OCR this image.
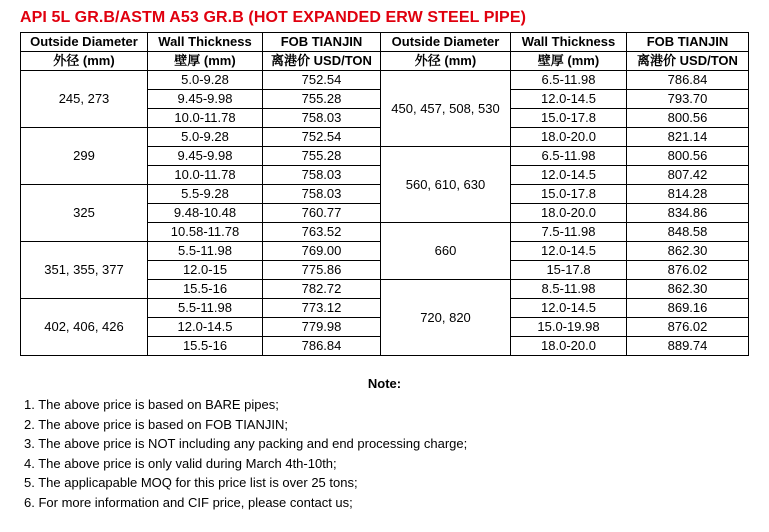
API 5L GR.B/ASTM A53 GR.B (HOT EXPANDED ERW STEEL PIPE)
Outside Diameter	Wall Thickness	FOB TIANJIN	Outside Diameter	Wall Thickness	FOB TIANJIN
外径 (mm)	壁厚 (mm)	离港价 USD/TON	外径 (mm)	壁厚 (mm)	离港价 USD/TON
245, 273	5.0-9.28	752.54	450, 457, 508, 530	6.5-11.98	786.84
	9.45-9.98	755.28		12.0-14.5	793.70
	10.0-11.78	758.03		15.0-17.8	800.56
299	5.0-9.28	752.54		18.0-20.0	821.14
	9.45-9.98	755.28	560, 610, 630	6.5-11.98	800.56
	10.0-11.78	758.03		12.0-14.5	807.42
325	5.5-9.28	758.03		15.0-17.8	814.28
	9.48-10.48	760.77		18.0-20.0	834.86
	10.58-11.78	763.52	660	7.5-11.98	848.58
351, 355, 377	5.5-11.98	769.00		12.0-14.5	862.30
	12.0-15	775.86		15-17.8	876.02
	15.5-16	782.72	720, 820	8.5-11.98	862.30
402, 406, 426	5.5-11.98	773.12		12.0-14.5	869.16
	12.0-14.5	779.98		15.0-19.98	876.02
	15.5-16	786.84		18.0-20.0	889.74
Note:
1. The above price is based on BARE pipes;
2. The above price is based on FOB TIANJIN;
3. The above price is NOT including any packing and end processing charge;
4. The above price is only valid during March 4th-10th;
5. The applicapable MOQ for this price list is over 25 tons;
6. For more information and CIF price, please contact us;
